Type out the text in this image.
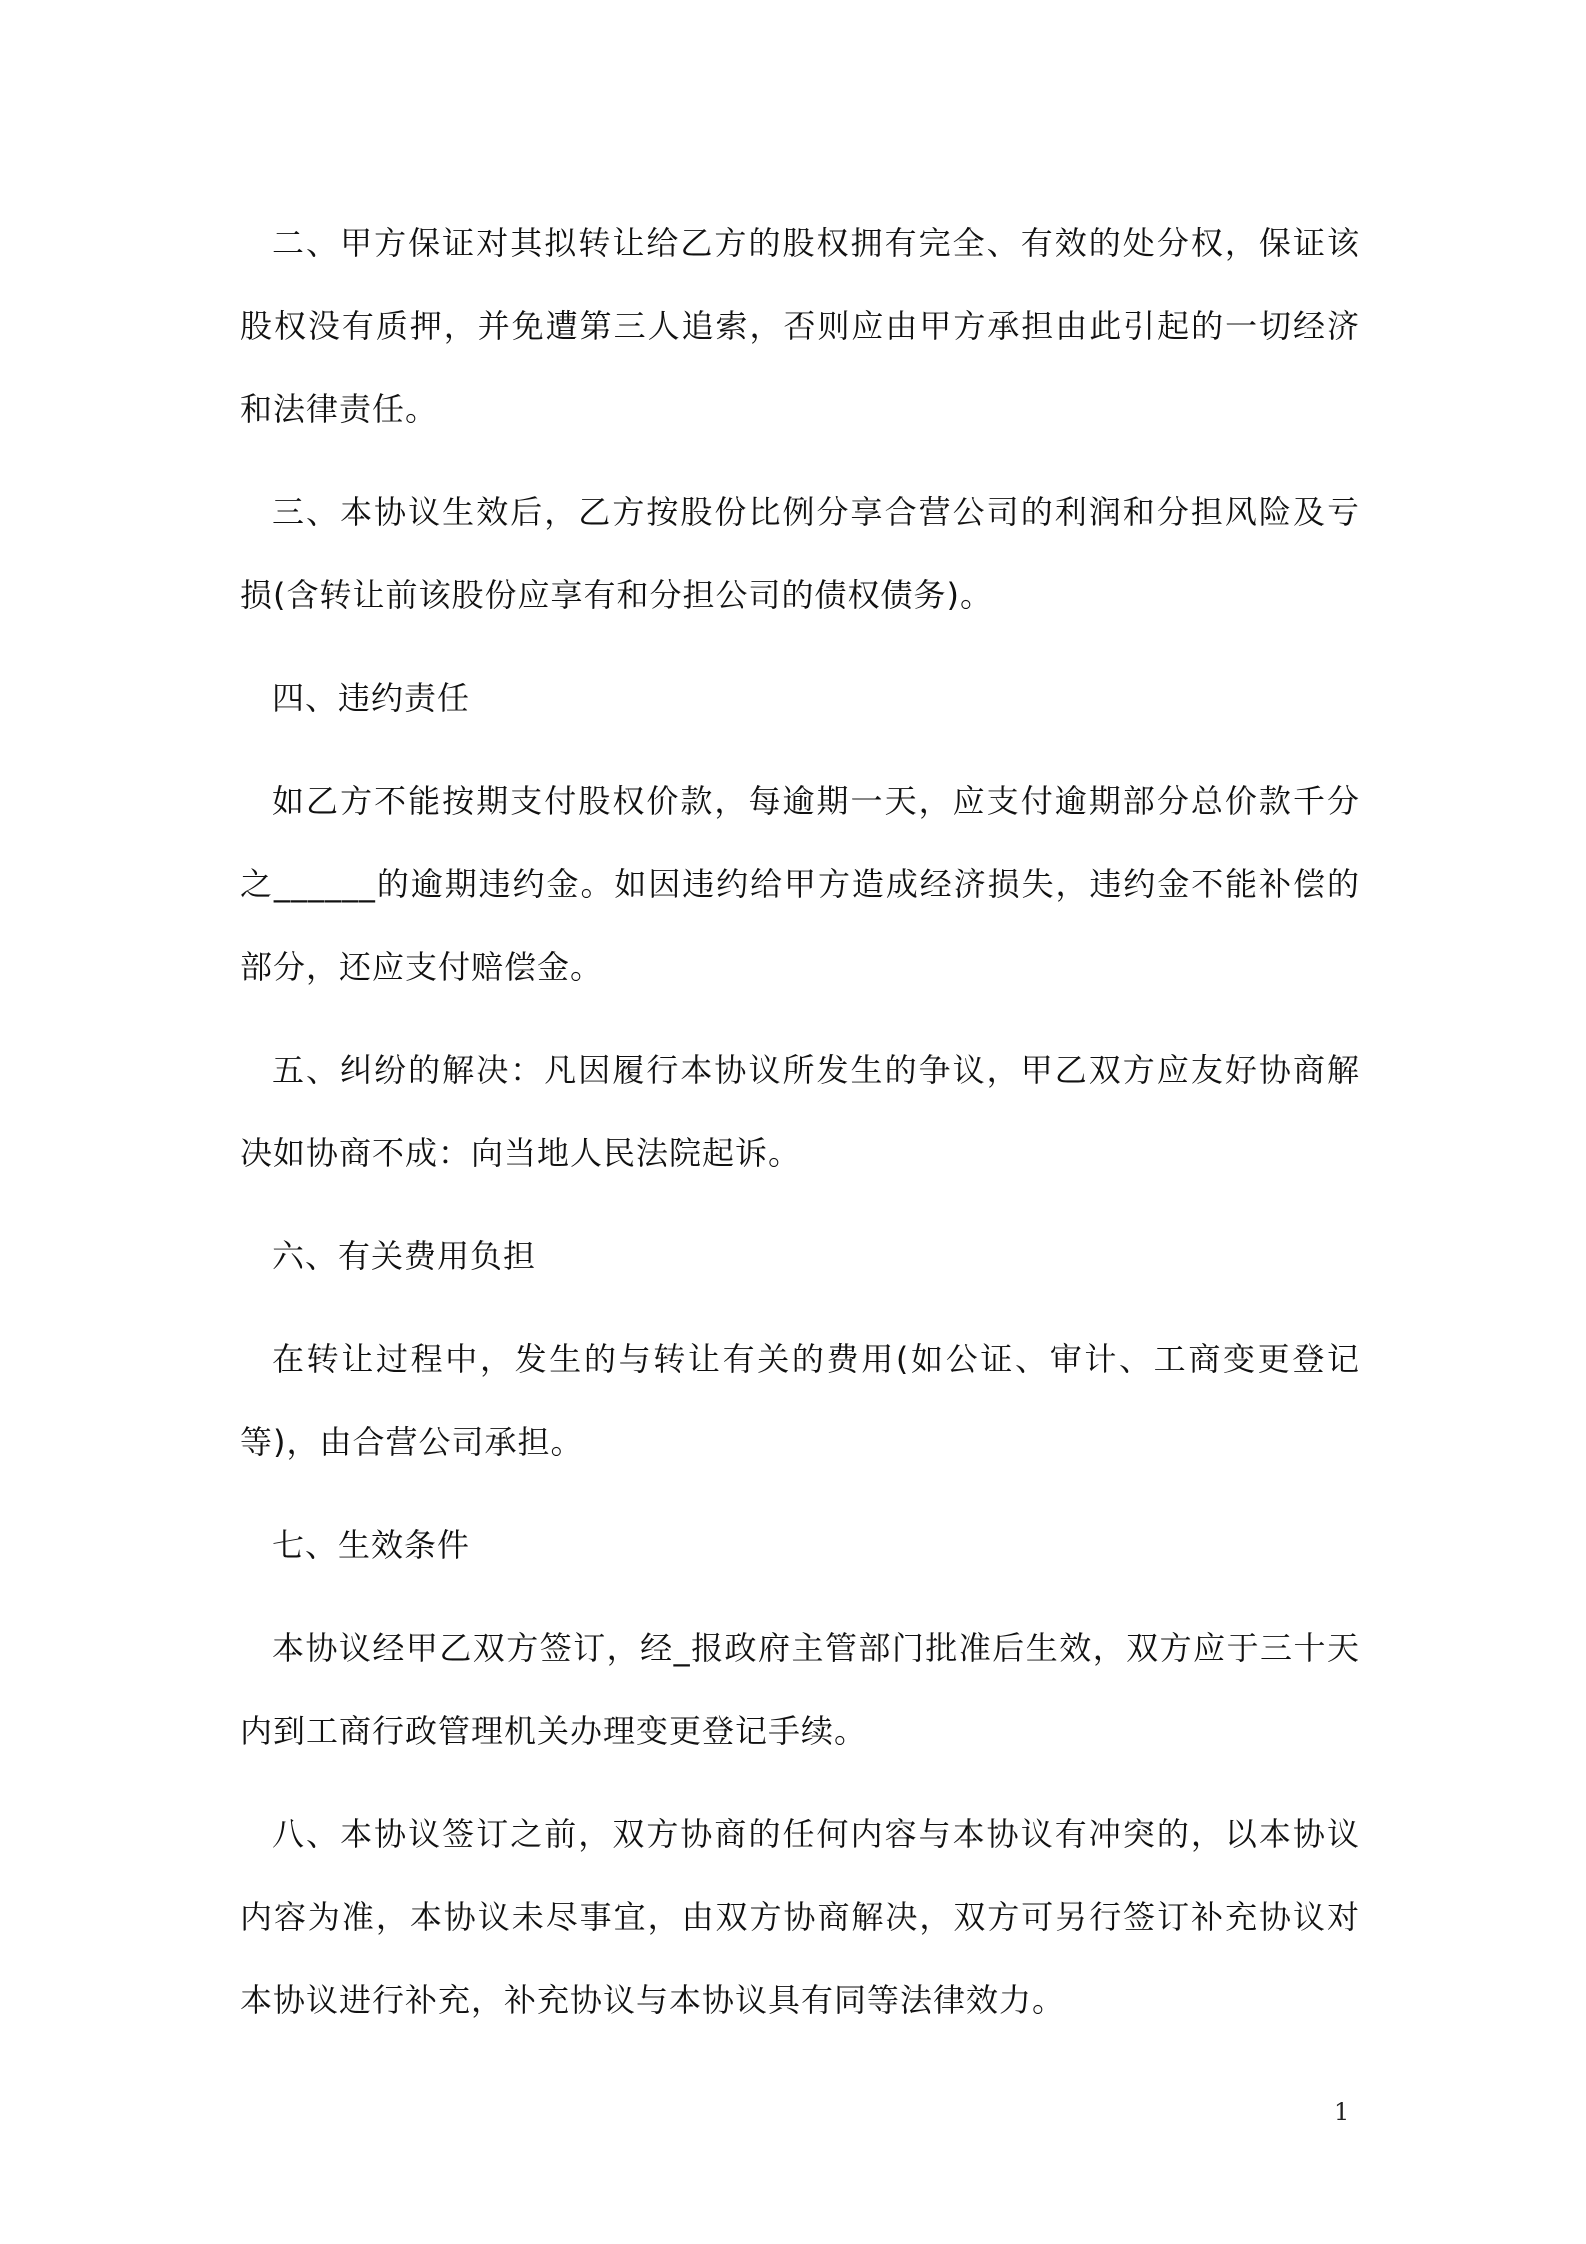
二、甲方保证对其拟转让给乙方的股权拥有完全、有效的处分权，保证该股权没有质押，并免遭第三人追索，否则应由甲方承担由此引起的一切经济和法律责任。

三、本协议生效后，乙方按股份比例分享合营公司的利润和分担风险及亏损(含转让前该股份应享有和分担公司的债权债务)。

四、违约责任

如乙方不能按期支付股权价款，每逾期一天，应支付逾期部分总价款千分之______的逾期违约金。如因违约给甲方造成经济损失，违约金不能补偿的部分，还应支付赔偿金。

五、纠纷的解决：凡因履行本协议所发生的争议，甲乙双方应友好协商解决如协商不成：向当地人民法院起诉。

六、有关费用负担

在转让过程中，发生的与转让有关的费用(如公证、审计、工商变更登记等)，由合营公司承担。

七、生效条件

本协议经甲乙双方签订，经_报政府主管部门批准后生效，双方应于三十天内到工商行政管理机关办理变更登记手续。

八、本协议签订之前，双方协商的任何内容与本协议有冲突的，以本协议内容为准，本协议未尽事宜，由双方协商解决，双方可另行签订补充协议对本协议进行补充，补充协议与本协议具有同等法律效力。

1
